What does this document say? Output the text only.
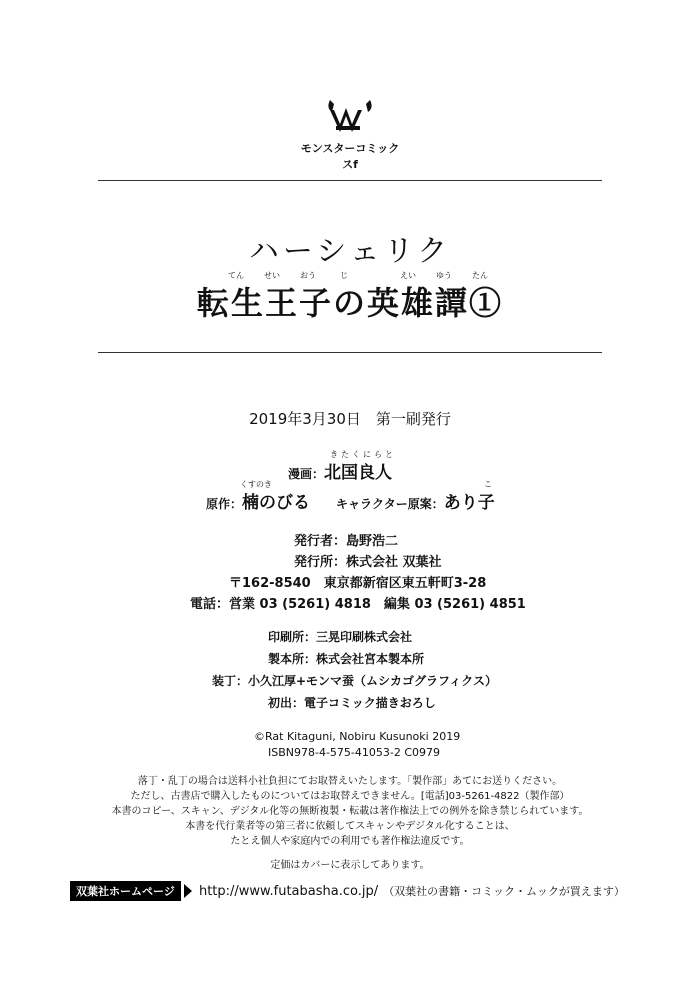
モンスターコミックスf
ハーシェリク
てん	せい	おう	じ	えい	ゆう	たん
転生王子の英雄譚①
2019年3月30日　第一刷発行
漫画：北国良人
きたくにらと
原作：楠のびる
くすのき
キャラクター原案：あり子
こ
発行者：島野浩二
発行所：株式会社 双葉社
〒162-8540　東京都新宿区東五軒町3-28
電話：営業 03 (5261) 4818　編集 03 (5261) 4851
印刷所：三晃印刷株式会社
製本所：株式会社宮本製本所
装丁：小久江厚+モンマ蚕（ムシカゴグラフィクス）
初出：電子コミック描きおろし
©Rat Kitaguni, Nobiru Kusunoki 2019
ISBN978-4-575-41053-2 C0979
落丁・乱丁の場合は送料小社負担にてお取替えいたします。「製作部」あてにお送りください。
ただし、古書店で購入したものについてはお取替えできません。[電話]03-5261-4822（製作部）
本書のコピー、スキャン、デジタル化等の無断複製・転載は著作権法上での例外を除き禁じられています。
本書を代行業者等の第三者に依頼してスキャンやデジタル化することは、
たとえ個人や家庭内での利用でも著作権法違反です。
定価はカバーに表示してあります。
双葉社ホームページ http://www.futabasha.co.jp/ （双葉社の書籍・コミック・ムックが買えます）
